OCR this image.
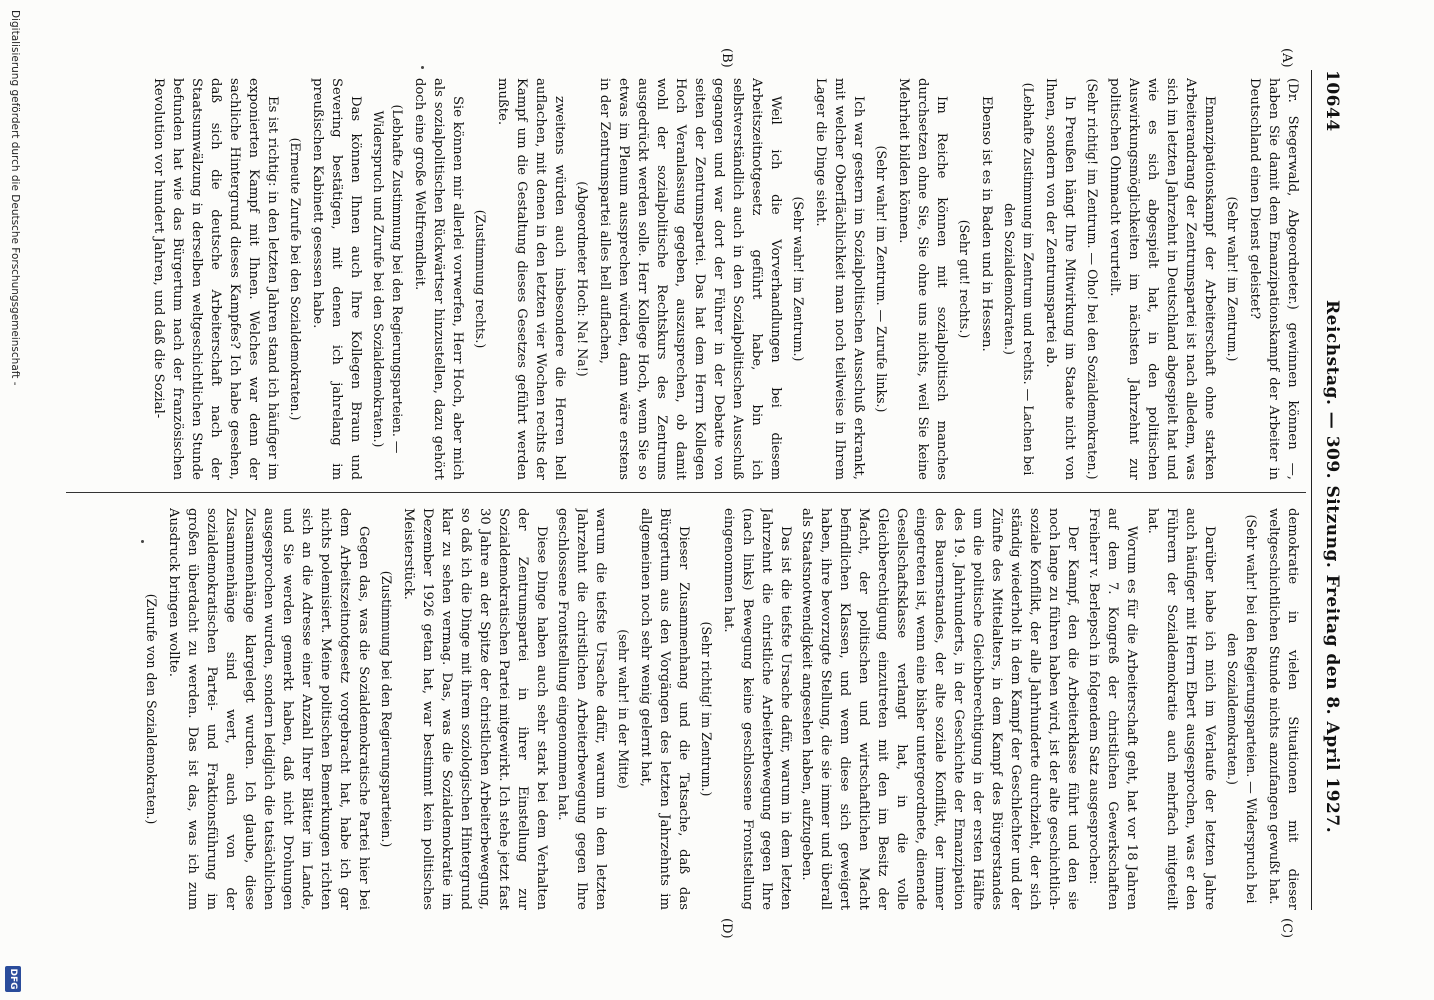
10644
Reichstag. — 309. Sitzung. Freitag den 8. April 1927.
(A)
(B)
(C)
(D)

(Dr. Stegerwald, Abgeordneter.) gewinnen können —, haben Sie damit dem Emanzipationskampf der Arbeiter in Deutschland einen Dienst geleistet?

(Sehr wahr! im Zentrum.)

Emanzipationskampf der Arbeiterschaft ohne starken Arbeiterandrang der Zentrumspartei ist nach alledem, was sich im letzten Jahrzehnt in Deutschland abgespielt hat und wie es sich abgespielt hat, in den politischen Auswirkungsmöglichkeiten im nächsten Jahrzehnt zur politischen Ohnmacht verurteilt.

(Sehr richtig! im Zentrum. — Oho! bei den Sozialdemokraten.)

In Preußen hängt Ihre Mitwirkung im Staate nicht von Ihnen, sondern von der Zentrumspartei ab.

(Lebhafte Zustimmung im Zentrum und rechts. — Lachen bei den Sozialdemokraten.)

Ebenso ist es in Baden und in Hessen.

(Sehr gut! rechts.)

Im Reiche können mit sozialpolitisch manches durchsetzen ohne Sie, Sie ohne uns nichts, weil Sie keine Mehrheit bilden können.

(Sehr wahr! im Zentrum. — Zurufe links.)

Ich war gestern im Sozialpolitischen Ausschuß erkrankt, mit welcher Oberflächlichkeit man noch teilweise in Ihrem Lager die Dinge sieht.

(Sehr wahr! im Zentrum.)

Weil ich die Vorverhandlungen bei diesem Arbeitszeitnotgesetz geführt habe, bin ich selbstverständlich auch in den Sozialpolitischen Ausschuß gegangen und war dort der Führer in der Debatte von seiten der Zentrumspartei. Das hat dem Herrn Kollegen Hoch Veranlassung gegeben, auszusprechen, ob damit wohl der sozialpolitische Rechtskurs des Zentrums ausgedrückt werden solle. Herr Kollege Hoch, wenn Sie so etwas im Plenum aussprechen würden, dann wäre erstens in der Zentrumspartei alles hell auflachen,

(Abgeordneter Hoch: Na! Na!)

zweitens würden auch insbesondere die Herren hell auflachen, mit denen in den letzten vier Wochen rechts der Kampf um die Gestaltung dieses Gesetzes geführt werden mußte.

(Zustimmung rechts.)

Sie können mir allerlei vorwerfen, Herr Hoch, aber mich als sozialpolitischen Rückwärtser hinzustellen, dazu gehört doch eine große Weltfremdheit.

(Lebhafte Zustimmung bei den Regierungsparteien. — Widerspruch und Zurufe bei den Sozialdemokraten.)

Das können Ihnen auch Ihre Kollegen Braun und Severing bestätigen, mit denen ich jahrelang im preußischen Kabinett gesessen habe.

(Erneute Zurufe bei den Sozialdemokraten.)

Es ist richtig: in den letzten Jahren stand ich häufiger im exponierten Kampf mit Ihnen. Welches war denn der sachliche Hintergrund dieses Kampfes? Ich habe gesehen, daß sich die deutsche Arbeiterschaft nach der Staatsumwälzung in derselben weltgeschichtlichen Stunde befunden hat wie das Bürgertum nach der französischen Revolution vor hundert Jahren, und daß die Sozial-

demokratie in vielen Situationen mit dieser weltgeschichtlichen Stunde nichts anzufangen gewußt hat.

(Sehr wahr! bei den Regierungsparteien. — Widerspruch bei den Sozialdemokraten.)

Darüber habe ich mich im Verlaufe der letzten Jahre auch häufiger mit Herrn Ebert ausgesprochen, was er den Führern der Sozialdemokratie auch mehrfach mitgeteilt hat.

Worum es für die Arbeiterschaft geht, hat vor 18 Jahren auf dem 7. Kongreß der christlichen Gewerkschaften Freiherr v. Berlepsch in folgendem Satz ausgesprochen:

Der Kampf, den die Arbeiterklasse führt und den sie noch lange zu führen haben wird, ist der alte geschichtlich-soziale Konflikt, der alle Jahrhunderte durchzieht, der sich ständig wiederholt in dem Kampf der Geschlechter und der Zünfte des Mittelalters, in dem Kampf des Bürgerstandes um die politische Gleichberechtigung in der ersten Hälfte des 19. Jahrhunderts, in der Geschichte der Emanzipation des Bauernstandes, der alte soziale Konflikt, der immer eingetreten ist, wenn eine bisher untergeordnete, dienende Gesellschaftsklasse verlangt hat, in die volle Gleichberechtigung einzutreten mit den im Besitz der Macht, der politischen und wirtschaftlichen Macht befindlichen Klassen, und wenn diese sich geweigert haben, ihre bevorzugte Stellung, die sie immer und überall als Staatsnotwendigkeit angesehen haben, aufzugeben.

Das ist die tiefste Ursache dafür, warum in dem letzten Jahrzehnt die christliche Arbeiterbewegung gegen Ihre (nach links) Bewegung keine geschlossene Frontstellung eingenommen hat.

(Sehr richtig! im Zentrum.)

Dieser Zusammenhang und die Tatsache, daß das Bürgertum aus den Vorgängen des letzten Jahrzehnts im allgemeinen noch sehr wenig gelernt hat,

(sehr wahr! in der Mitte)

warum die tiefste Ursache dafür, warum in dem letzten Jahrzehnt die christlichen Arbeiterbewegung gegen Ihre geschlossene Frontstellung eingenommen hat.

Diese Dinge haben auch sehr stark bei dem Verhalten der Zentrumspartei in ihrer Einstellung zur Sozialdemokratischen Partei mitgewirkt. Ich stehe jetzt fast 30 Jahre an der Spitze der christlichen Arbeiterbewegung, so daß ich die Dinge mit ihrem soziologischen Hintergrund klar zu sehen vermag. Das, was die Sozialdemokratie im Dezember 1926 getan hat, war bestimmt kein politisches Meisterstück.

(Zustimmung bei den Regierungsparteien.)

Gegen das, was die Sozialdemokratische Partei hier bei dem Arbeitszeitnotgesetz vorgebracht hat, habe ich gar nichts polemisiert. Meine politischen Bemerkungen richten sich an die Adresse einer Anzahl Ihrer Blätter im Lande, und Sie werden gemerkt haben, daß nicht Drohungen ausgesprochen wurden, sondern lediglich die tatsächlichen Zusammenhänge klargelegt wurden. Ich glaube, diese Zusammenhänge sind wert, auch von der sozialdemokratischen Partei- und Fraktionsführung im großen überdacht zu werden. Das ist das, was ich zum Ausdruck bringen wollte.

(Zurufe von den Sozialdemokraten.)

Digitalisierung gefördert durch die Deutsche Forschungsgemeinschaft -
DFG
